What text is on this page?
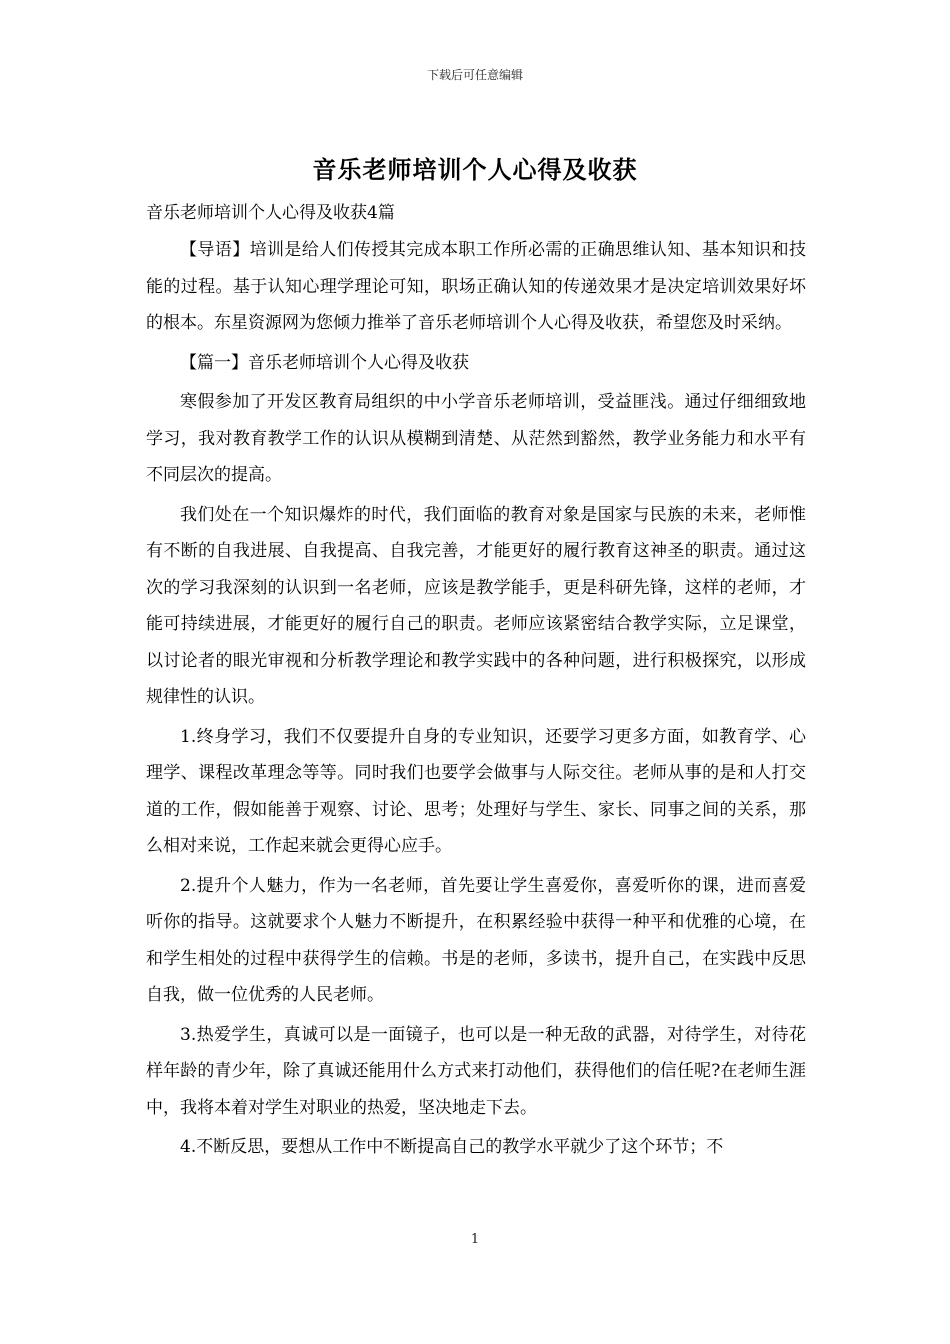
下载后可任意编辑
音乐老师培训个人心得及收获

音乐老师培训个人心得及收获4篇

【导语】培训是给人们传授其完成本职工作所必需的正确思维认知、基本知识和技能的过程。基于认知心理学理论可知，职场正确认知的传递效果才是决定培训效果好坏的根本。东星资源网为您倾力推举了音乐老师培训个人心得及收获，希望您及时采纳。

【篇一】音乐老师培训个人心得及收获

寒假参加了开发区教育局组织的中小学音乐老师培训，受益匪浅。通过仔细细致地学习，我对教育教学工作的认识从模糊到清楚、从茫然到豁然，教学业务能力和水平有不同层次的提高。

我们处在一个知识爆炸的时代，我们面临的教育对象是国家与民族的未来，老师惟有不断的自我进展、自我提高、自我完善，才能更好的履行教育这神圣的职责。通过这次的学习我深刻的认识到一名老师，应该是教学能手，更是科研先锋，这样的老师，才能可持续进展，才能更好的履行自己的职责。老师应该紧密结合教学实际，立足课堂，以讨论者的眼光审视和分析教学理论和教学实践中的各种问题，进行积极探究，以形成规律性的认识。

1.终身学习，我们不仅要提升自身的专业知识，还要学习更多方面，如教育学、心理学、课程改革理念等等。同时我们也要学会做事与人际交往。老师从事的是和人打交道的工作，假如能善于观察、讨论、思考；处理好与学生、家长、同事之间的关系，那么相对来说，工作起来就会更得心应手。

2.提升个人魅力，作为一名老师，首先要让学生喜爱你，喜爱听你的课，进而喜爱听你的指导。这就要求个人魅力不断提升，在积累经验中获得一种平和优雅的心境，在和学生相处的过程中获得学生的信赖。书是的老师，多读书，提升自己，在实践中反思自我，做一位优秀的人民老师。

3.热爱学生，真诚可以是一面镜子，也可以是一种无敌的武器，对待学生，对待花样年龄的青少年，除了真诚还能用什么方式来打动他们，获得他们的信任呢?在老师生涯中，我将本着对学生对职业的热爱，坚决地走下去。

4.不断反思，要想从工作中不断提高自己的教学水平就少了这个环节；不

1
